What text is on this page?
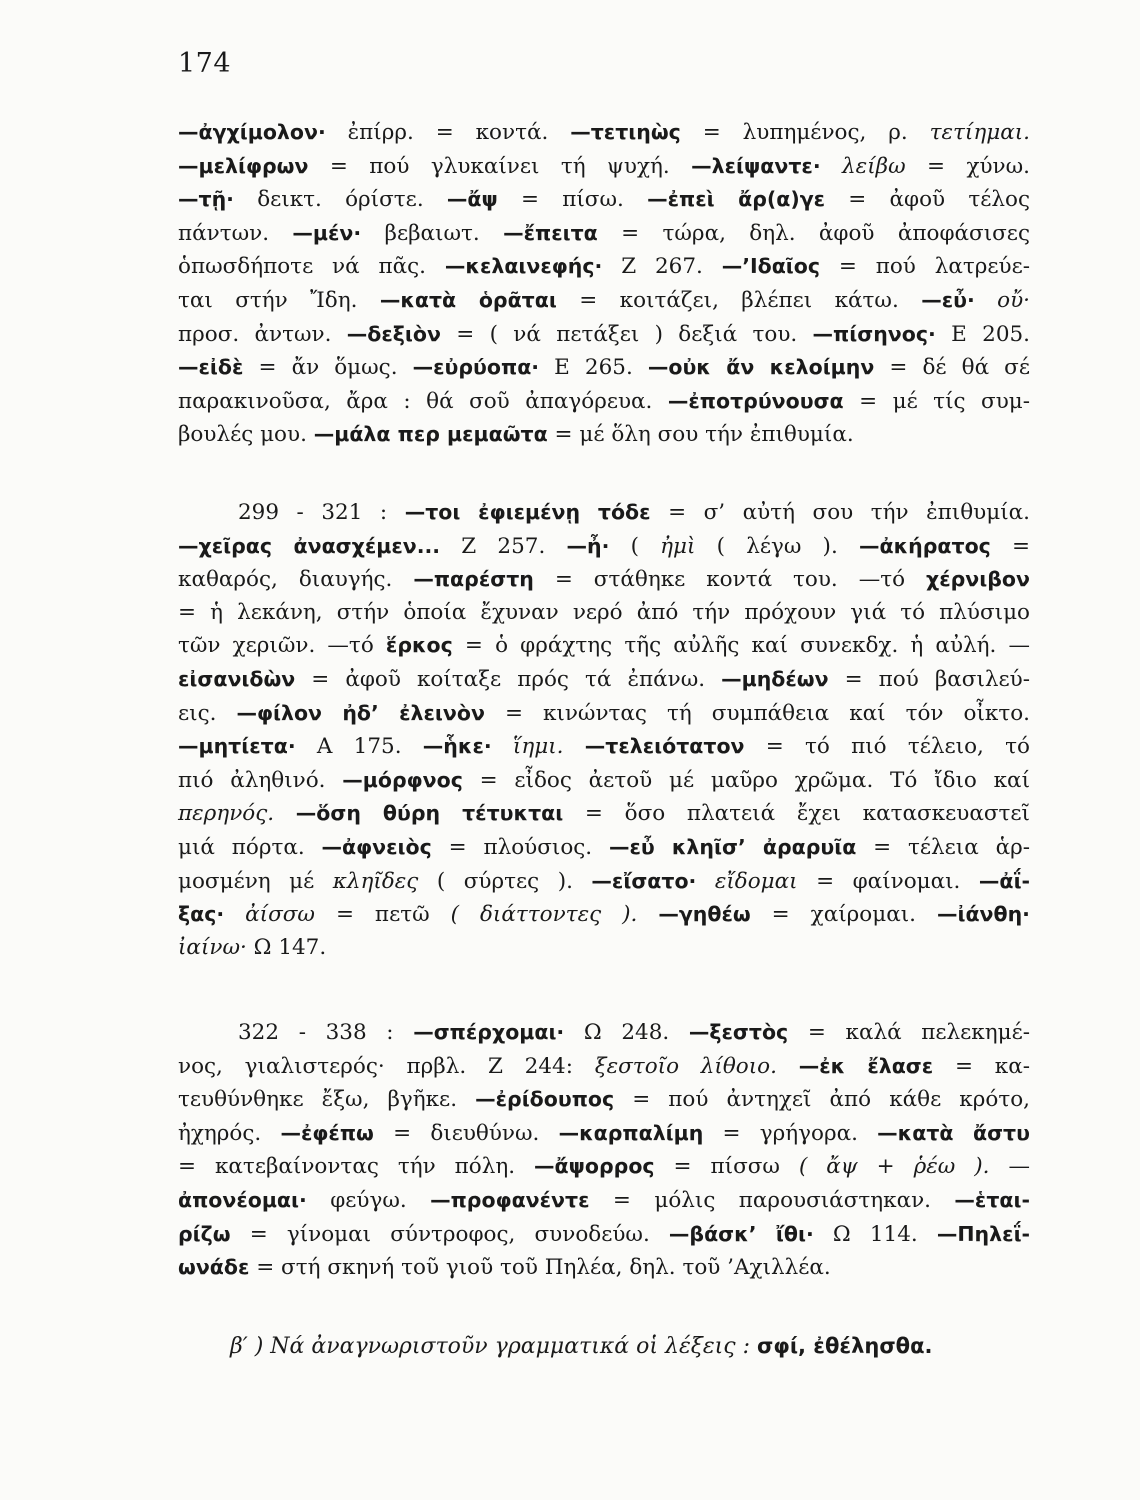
174
—ἀγχίμολον· ἐπίρρ. = κοντά. —τετιηὼς = λυπημένος, ρ. τετίημαι.
—μελίφρων = πού γλυκαίνει τή ψυχή. —λείψαντε· λείβω = χύνω.
—τῇ· δεικτ. όρίστε. —ἄψ = πίσω. —ἐπεὶ ἄρ(α)γε = ἀφοῦ τέλος
πάντων. —μέν· βεβαιωτ. —ἔπειτα = τώρα, δηλ. ἀφοῦ ἀποφάσισες
ὁπωσδήποτε νά πᾶς. —κελαινεφής· Ζ 267. —’Ιδαῖος = πού λατρεύε-
ται στήν Ἴδη. —κατὰ ὁρᾶται = κοιτάζει, βλέπει κάτω. —εὖ· οὔ·
προσ. ἀντων. —δεξιὸν = ( νά πετάξει ) δεξιά του. —πίσηνος· Ε 205.
—εἰδὲ = ἄν ὅμως. —εὐρύοπα· Ε 265. —οὐκ ἄν κελοίμην = δέ θά σέ
παρακινοῦσα, ἄρα : θά σοῦ ἀπαγόρευα. —ἐποτρύνουσα = μέ τίς συμ-
βουλές μου. —μάλα περ μεμαῶτα = μέ ὅλη σου τήν ἐπιθυμία.
299 - 321 : —τοι ἐφιεμένῃ τόδε = σ’ αὐτή σου τήν ἐπιθυμία.
—χεῖρας ἀνασχέμεν... Ζ 257. —ἦ· ( ἠμὶ ( λέγω ). —ἀκήρατος =
καθαρός, διαυγής. —παρέστη = στάθηκε κοντά του. —τό χέρνιβον
= ἡ λεκάνη, στήν ὁποία ἔχυναν νερό ἀπό τήν πρόχουν γιά τό πλύσιμο
τῶν χεριῶν. —τό ἕρκος = ὁ φράχτης τῆς αὐλῆς καί συνεκδχ. ἡ αὐλή. —
εἰσανιδὼν = ἀφοῦ κοίταξε πρός τά ἐπάνω. —μηδέων = πού βασιλεύ-
εις. —φίλον ἠδ’ ἐλεινὸν = κινώντας τή συμπάθεια καί τόν οἶκτο.
—μητίετα· Α 175. —ἧκε· ἵημι. —τελειότατον = τό πιό τέλειο, τό
πιό ἀληθινό. —μόρφνος = εἶδος ἀετοῦ μέ μαῦρο χρῶμα. Τό ἴδιο καί
περηνός. —ὅση θύρη τέτυκται = ὅσο πλατειά ἔχει κατασκευαστεῖ
μιά πόρτα. —ἀφνειὸς = πλούσιος. —εὖ κληῖσ’ ἀραρυῖα = τέλεια ἁρ-
μοσμένη μέ κληῖδες ( σύρτες ). —εἴσατο· εἴδομαι = φαίνομαι. —ἀΐ-
ξας· ἀίσσω = πετῶ ( διάττοντες ). —γηθέω = χαίρομαι. —ἰάνθη·
ἰαίνω· Ω 147.
322 - 338 : —σπέρχομαι· Ω 248. —ξεστὸς = καλά πελεκημέ-
νος, γιαλιστερός· πρβλ. Ζ 244: ξεστοῖο λίθοιο. —ἐκ ἔλασε = κα-
τευθύνθηκε ἔξω, βγῆκε. —ἐρίδουπος = πού ἀντηχεῖ ἀπό κάθε κρότο,
ἠχηρός. —ἐφέπω = διευθύνω. —καρπαλίμη = γρήγορα. —κατὰ ἄστυ
= κατεβαίνοντας τήν πόλη. —ἄψορρος = πίσσω ( ἄψ + ῥέω ). —
ἀπονέομαι· φεύγω. —προφανέντε = μόλις παρουσιάστηκαν. —ἑται-
ρίζω = γίνομαι σύντροφος, συνοδεύω. —βάσκ’ ἴθι· Ω 114. —Πηλεΐ-
ωνάδε = στή σκηνή τοῦ γιοῦ τοῦ Πηλέα, δηλ. τοῦ ’Αχιλλέα.
β′ ) Νά ἀναγνωριστοῦν γραμματικά οἱ λέξεις : σφί, ἐθέλησθα.
